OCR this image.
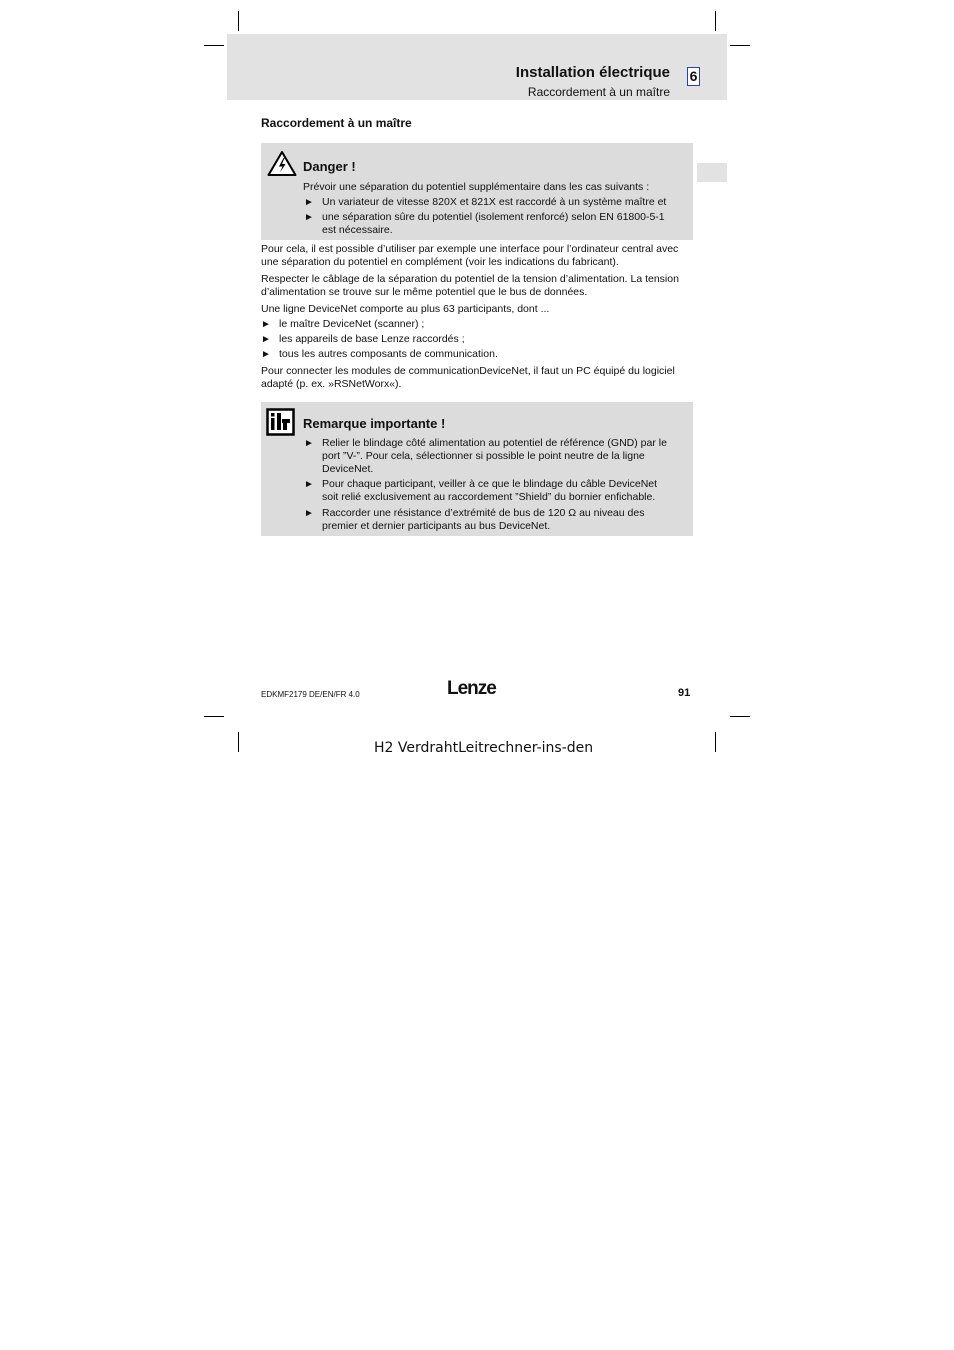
Installation électrique 6
Raccordement à un maître
Raccordement à un maître
Danger !
Prévoir une séparation du potentiel supplémentaire dans les cas suivants :
► Un variateur de vitesse 820X et 821X est raccordé à un système maître et
► une séparation sûre du potentiel (isolement renforcé) selon EN 61800-5-1 est nécessaire.
Pour cela, il est possible d’utiliser par exemple une interface pour l’ordinateur central avec une séparation du potentiel en complément (voir les indications du fabricant).
Respecter le câblage de la séparation du potentiel de la tension d’alimentation. La tension d’alimentation se trouve sur le même potentiel que le bus de données.
Une ligne DeviceNet comporte au plus 63 participants, dont ...
► le maître DeviceNet (scanner) ;
► les appareils de base Lenze raccordés ;
► tous les autres composants de communication.
Pour connecter les modules de communicationDeviceNet, il faut un PC équipé du logiciel adapté (p. ex. »RSNetWorx«).
Remarque importante !
► Relier le blindage côté alimentation au potentiel de référence (GND) par le port ”V-”. Pour cela, sélectionner si possible le point neutre de la ligne DeviceNet.
► Pour chaque participant, veiller à ce que le blindage du câble DeviceNet soit relié exclusivement au raccordement ”Shield” du bornier enfichable.
► Raccorder une résistance d’extrémité de bus de 120 Ω au niveau des premier et dernier participants au bus DeviceNet.
EDKMF2179 DE/EN/FR 4.0	Lenze	91
H2 VerdrahtLeitrechner-ins-den
